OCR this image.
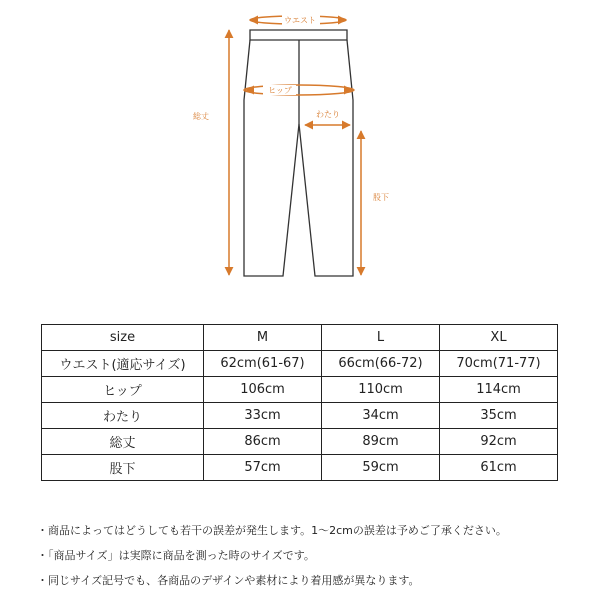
ウエスト
ヒップ
わたり
総丈
股下
size	M	L	XL
ウエスト(適応サイズ)	62cm(61-67)	66cm(66-72)	70cm(71-77)
ヒップ	106cm	110cm	114cm
わたり	33cm	34cm	35cm
総丈	86cm	89cm	92cm
股下	57cm	59cm	61cm
・商品によってはどうしても若干の誤差が発生します。1〜2cmの誤差は予めご了承ください。
・「商品サイズ」は実際に商品を測った時のサイズです。
・同じサイズ記号でも、各商品のデザインや素材により着用感が異なります。
